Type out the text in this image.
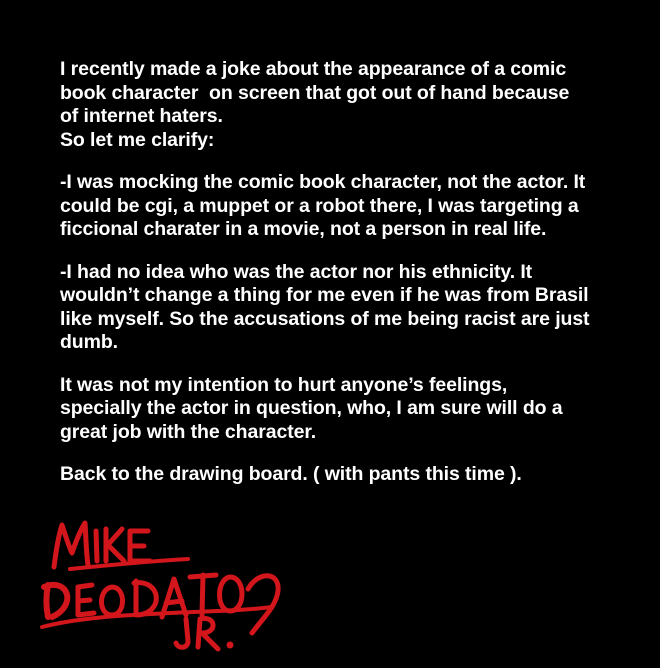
I recently made a joke about the appearance of a comic
book character  on screen that got out of hand because
of internet haters.
So let me clarify:
-I was mocking the comic book character, not the actor. It
could be cgi, a muppet or a robot there, I was targeting a
ficcional charater in a movie, not a person in real life.
-I had no idea who was the actor nor his ethnicity. It
wouldn’t change a thing for me even if he was from Brasil
like myself. So the accusations of me being racist are just
dumb.
It was not my intention to hurt anyone’s feelings,
specially the actor in question, who, I am sure will do a
great job with the character.
Back to the drawing board. ( with pants this time ).
